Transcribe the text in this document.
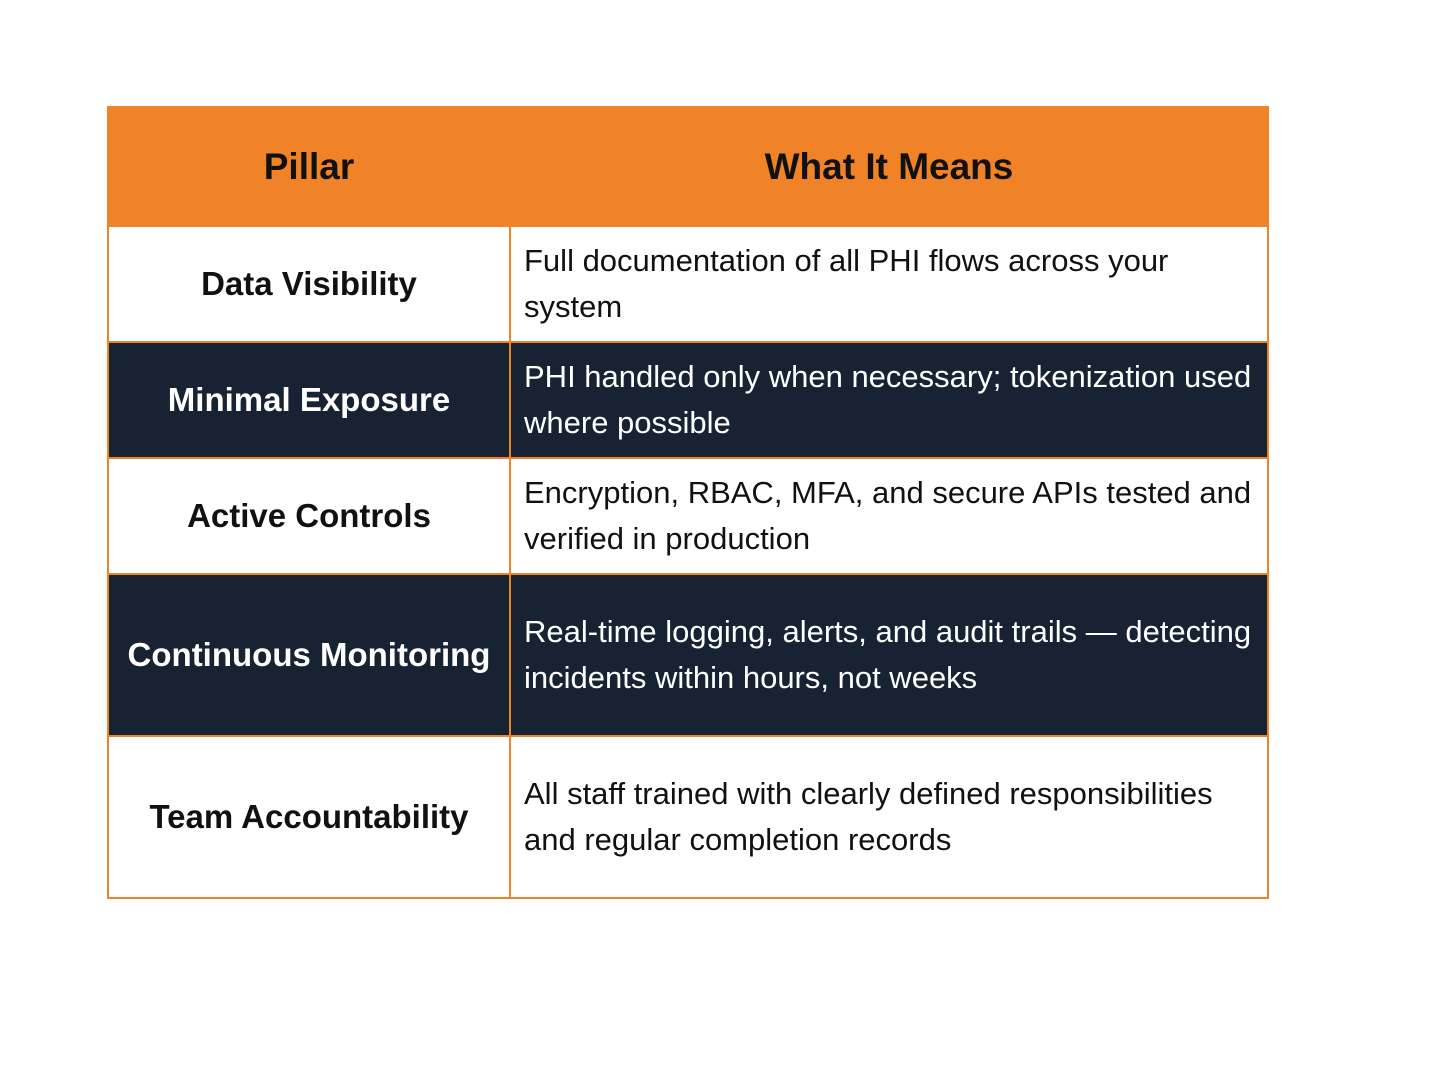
Pillar	What It Means
Data Visibility
Full documentation of all PHI flows across your system
Minimal Exposure
PHI handled only when necessary; tokenization used where possible
Active Controls
Encryption, RBAC, MFA, and secure APIs tested and verified in production
Continuous Monitoring
Real-time logging, alerts, and audit trails — detecting incidents within hours, not weeks
Team Accountability
All staff trained with clearly defined responsibilities and regular completion records
